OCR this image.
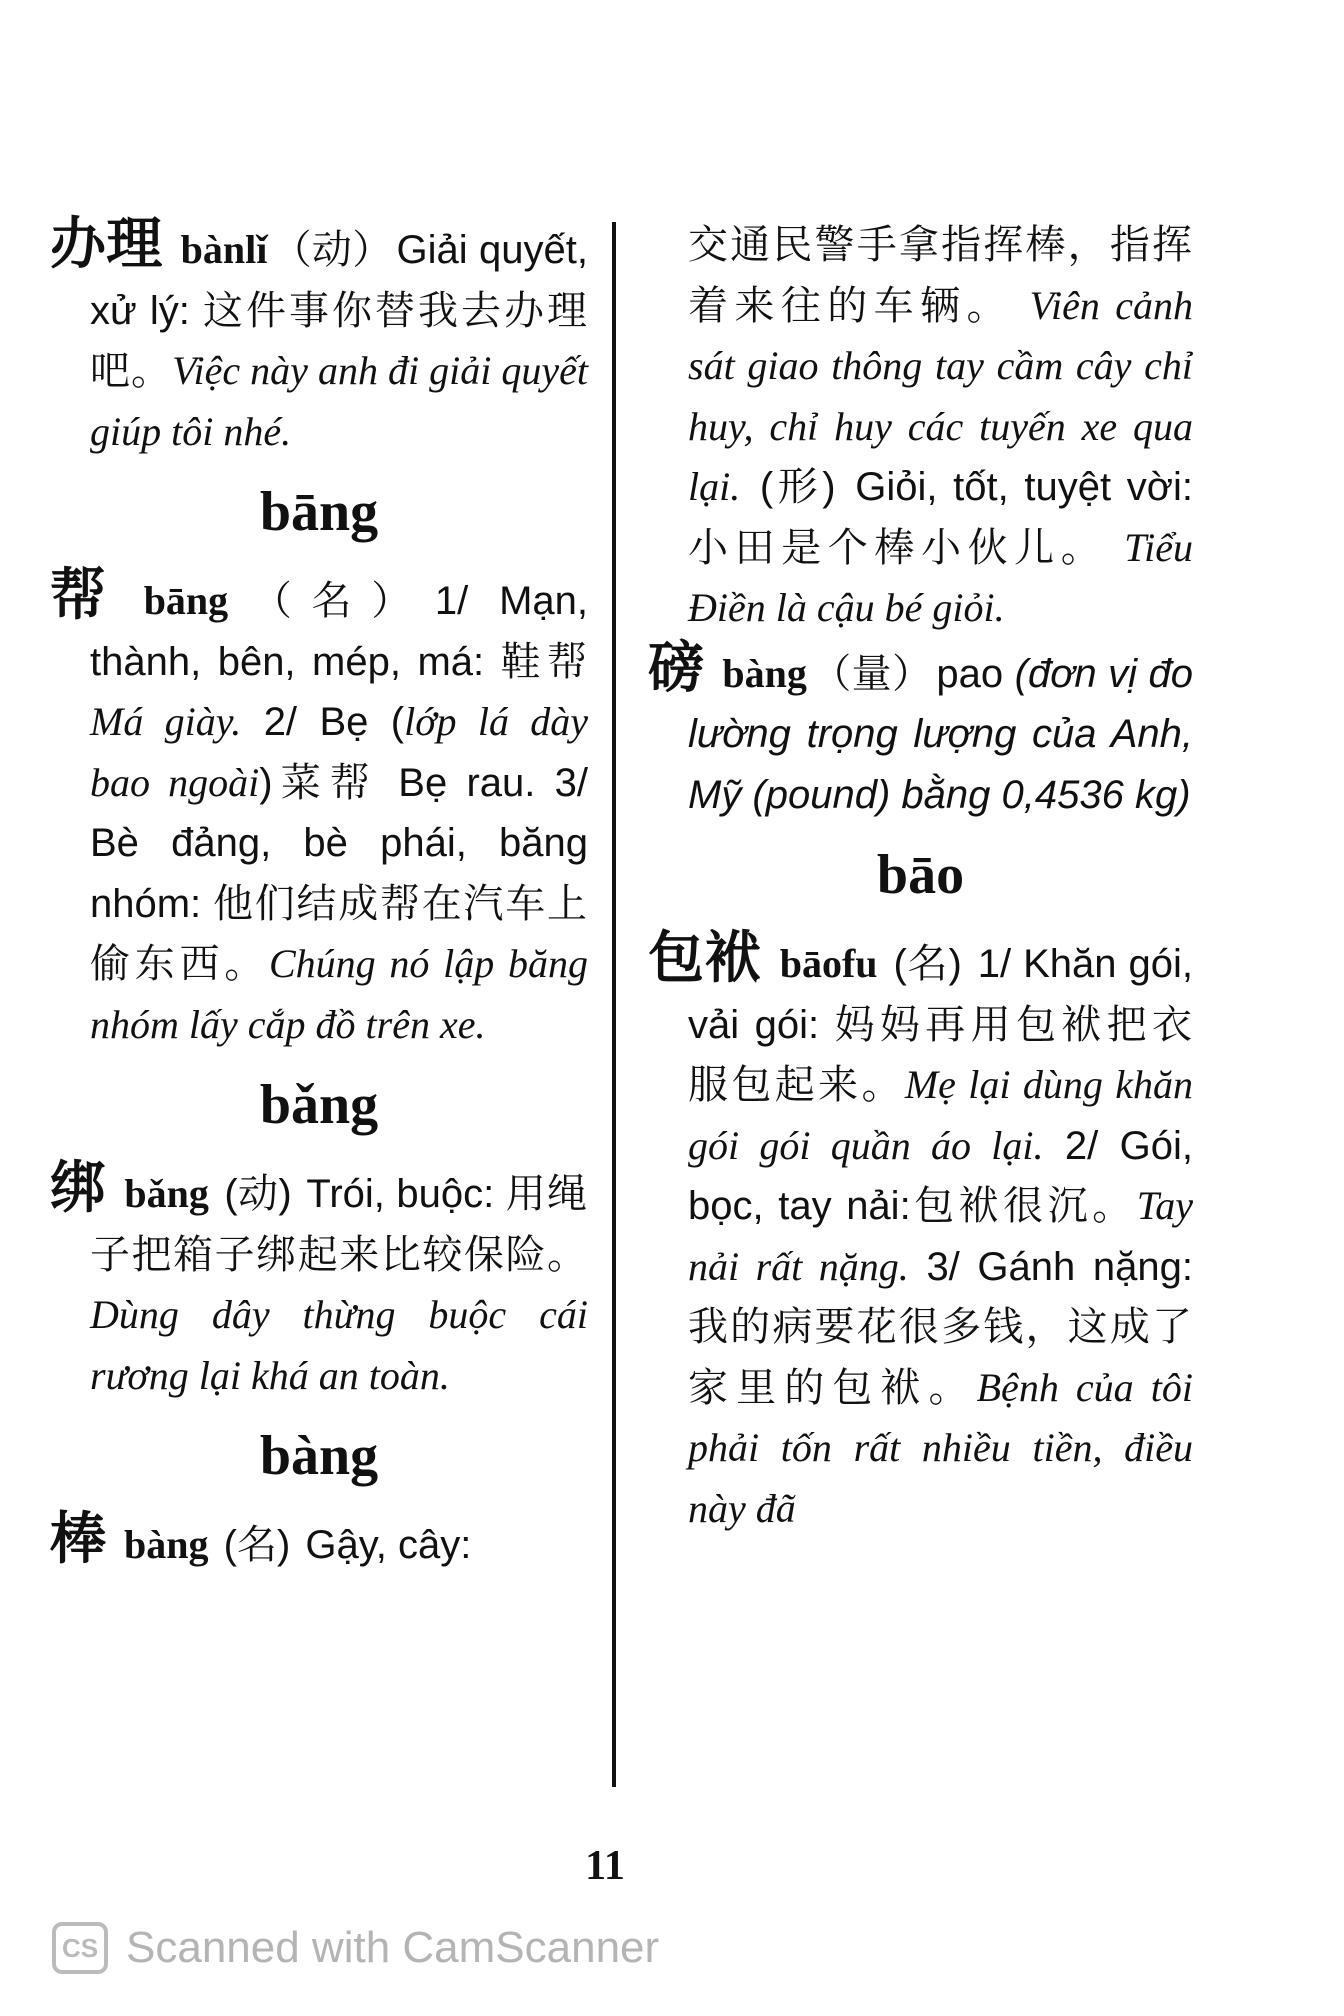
办理 bànlǐ （动） Giải quyết, xử lý: 这件事你替我去办理吧。Việc này anh đi giải quyết giúp tôi nhé.

bāng

帮 bāng （名） 1/ Mạn, thành, bên, mép, má: 鞋帮 Má giày. 2/ Bẹ (lớp lá dày bao ngoài)菜帮 Bẹ rau. 3/ Bè đảng, bè phái, băng nhóm: 他们结成帮在汽车上偷东西。Chúng nó lập băng nhóm lấy cắp đồ trên xe.

bǎng

绑 bǎng (动) Trói, buộc: 用绳子把箱子绑起来比较保险。 Dùng dây thừng buộc cái rương lại khá an toàn.

bàng

棒 bàng (名) Gậy, cây:

交通民警手拿指挥棒，指挥着来往的车辆。 Viên cảnh sát giao thông tay cầm cây chỉ huy, chỉ huy các tuyến xe qua lại. (形) Giỏi, tốt, tuyệt vời: 小田是个棒小伙儿。 Tiểu Điền là cậu bé giỏi.

磅 bàng （量） pao (đơn vị đo lường trọng lượng của Anh, Mỹ (pound) bằng 0,4536 kg)

bāo

包袱 bāofu (名) 1/ Khăn gói, vải gói: 妈妈再用包袱把衣服包起来。Mẹ lại dùng khăn gói gói quần áo lại. 2/ Gói, bọc, tay nải:包袱很沉。Tay nải rất nặng. 3/ Gánh nặng: 我的病要花很多钱，这成了家里的包袱。Bệnh của tôi phải tốn rất nhiều tiền, điều này đã

11
CS Scanned with CamScanner
